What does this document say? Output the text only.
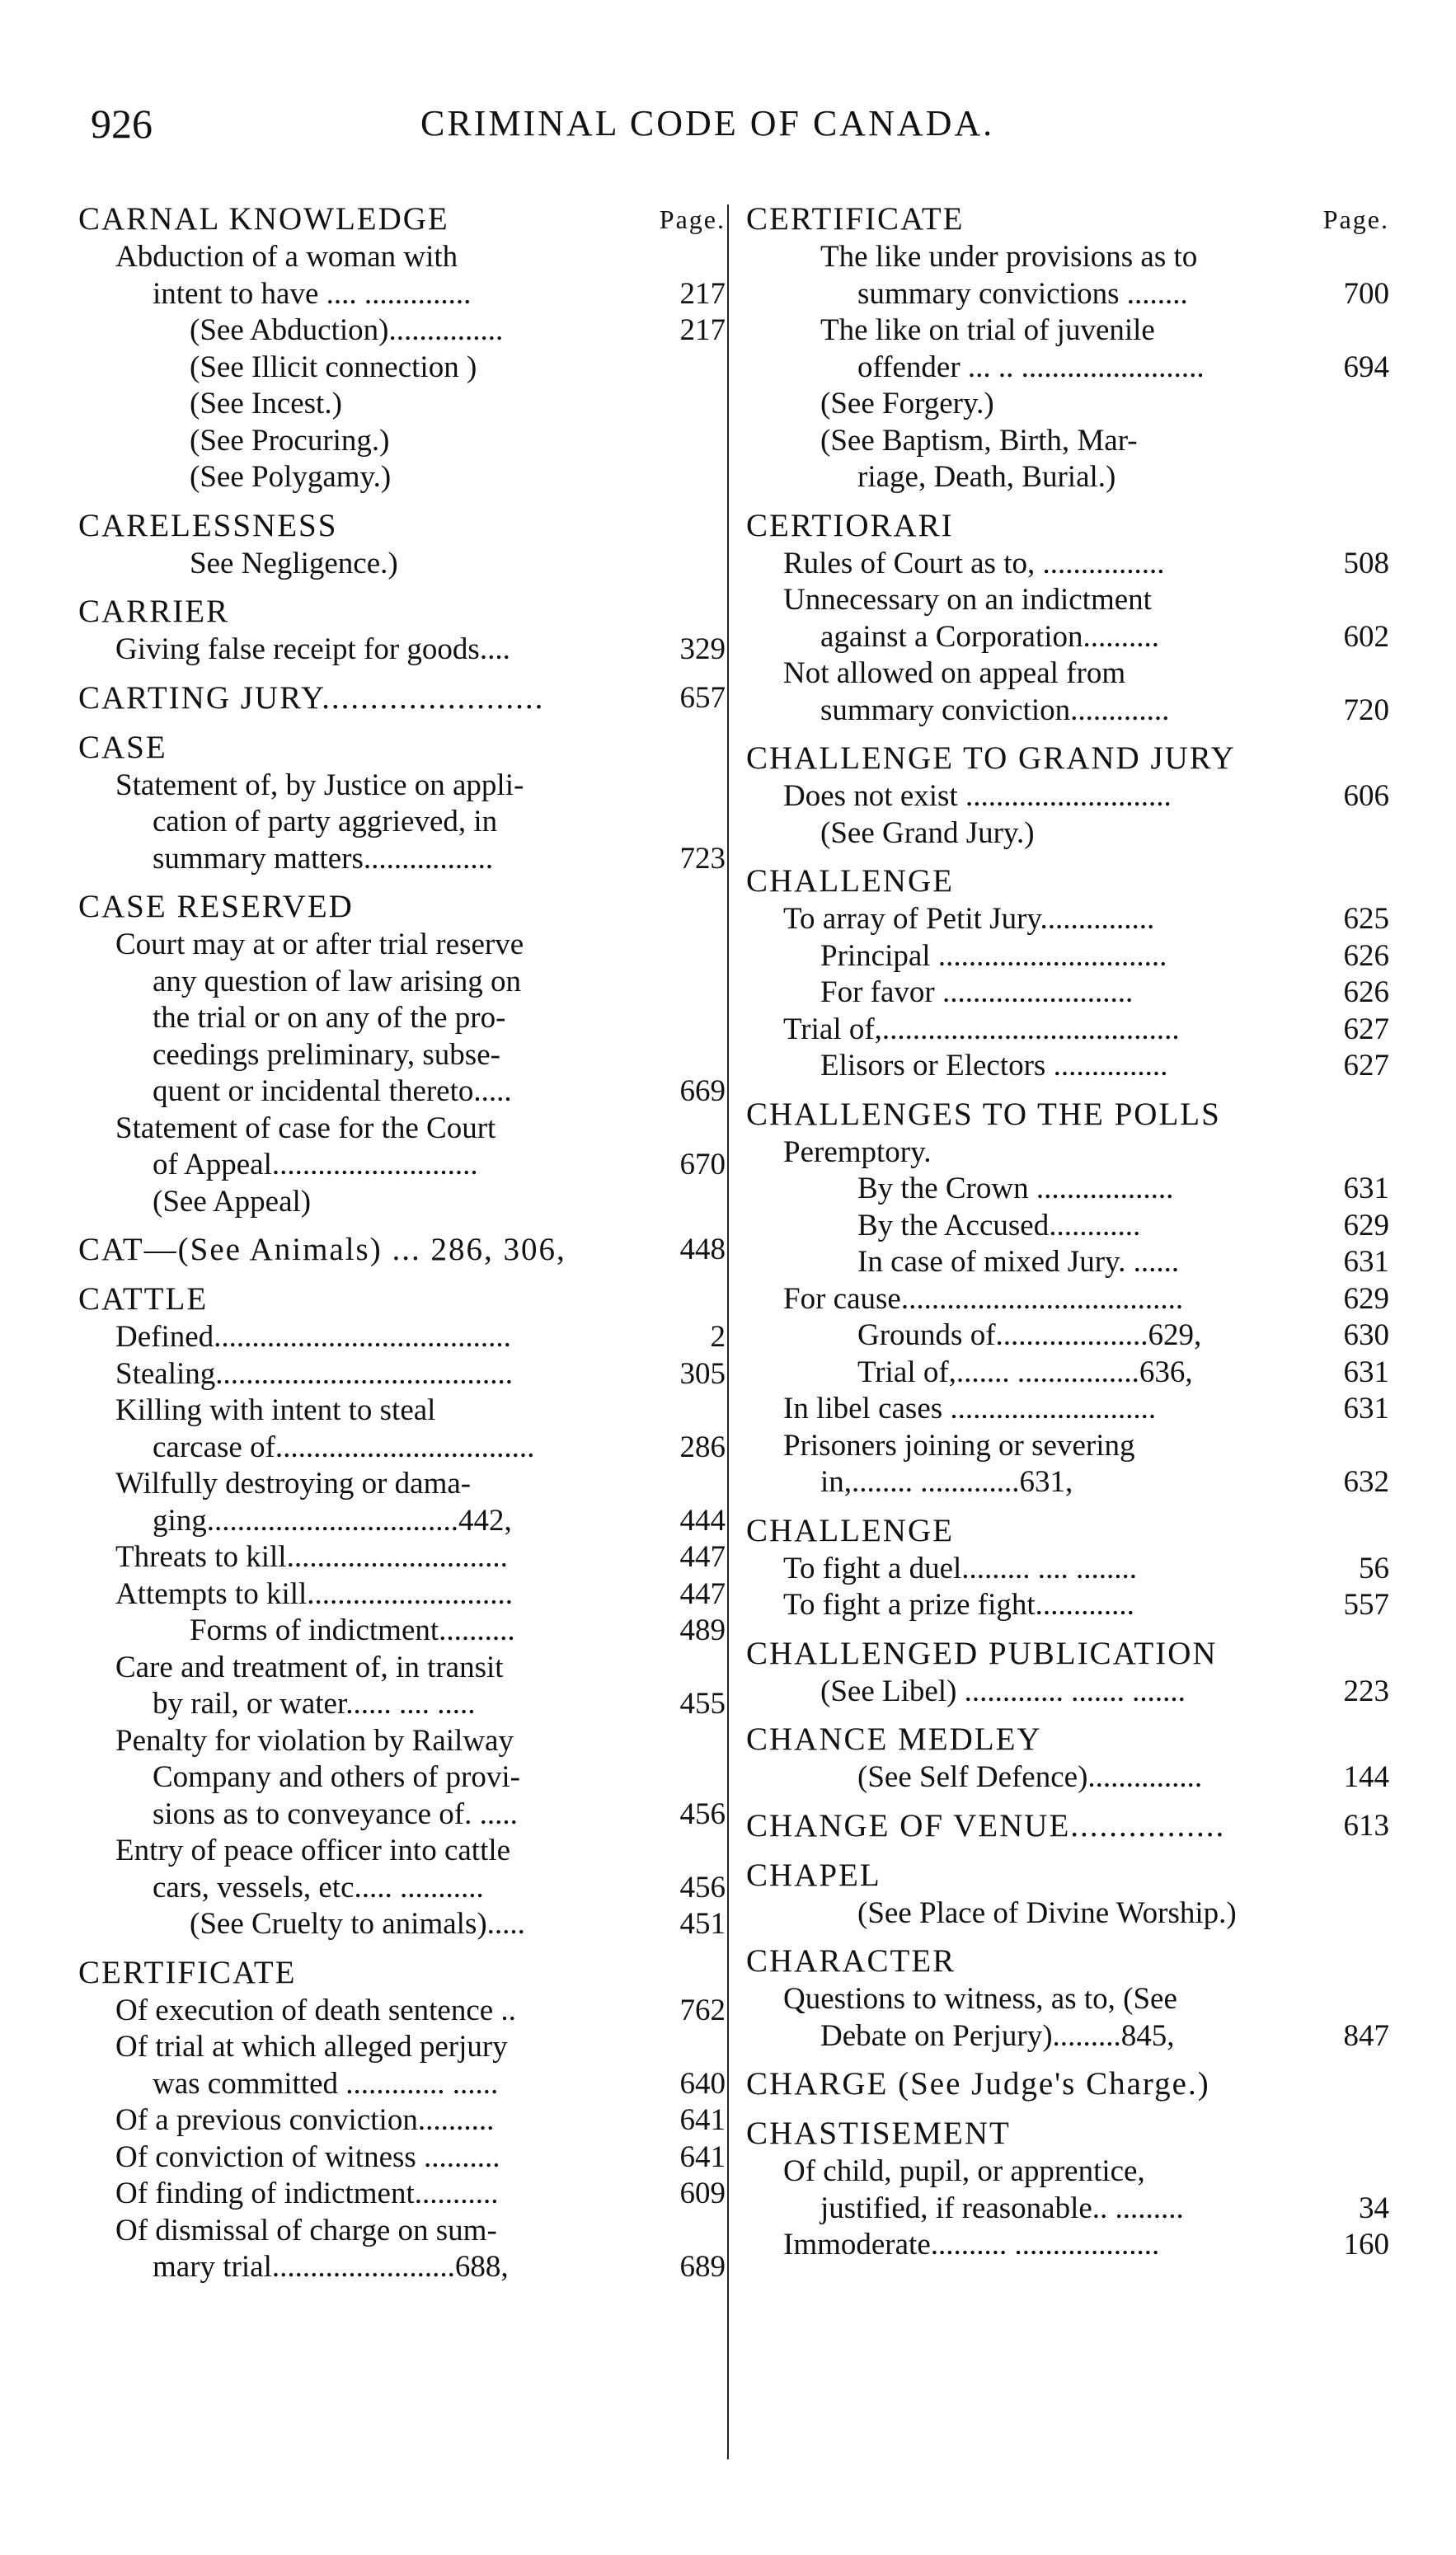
926	CRIMINAL CODE OF CANADA.
CARNAL KNOWLEDGE	Page.
Abduction of a woman with
intent to have .... ..............	217
(See Abduction)...............	217
(See Illicit connection )
(See Incest.)
(See Procuring.)
(See Polygamy.)
CARELESSNESS
See Negligence.)
CARRIER
Giving false receipt for goods....	329
CARTING JURY.......................	657
CASE
Statement of, by Justice on appli-
cation of party aggrieved, in
summary matters.................	723
CASE RESERVED
Court may at or after trial reserve
any question of law arising on
the trial or on any of the pro-
ceedings preliminary, subse-
quent or incidental thereto.....	669
Statement of case for the Court
of Appeal...........................	670
(See Appeal)
CAT—(See Animals) ... 286, 306,	448
CATTLE
Defined.......................................	2
Stealing.......................................	305
Killing with intent to steal
carcase of..................................	286
Wilfully destroying or dama-
ging.................................442,	444
Threats to kill.............................	447
Attempts to kill...........................	447
Forms of indictment..........	489
Care and treatment of, in transit
by rail, or water...... .... .....	455
Penalty for violation by Railway
Company and others of provi-
sions as to conveyance of. .....	456
Entry of peace officer into cattle
cars, vessels, etc..... ...........	456
(See Cruelty to animals).....	451
CERTIFICATE
Of execution of death sentence ..	762
Of trial at which alleged perjury
was committed ............. ......	640
Of a previous conviction..........	641
Of conviction of witness ..........	641
Of finding of indictment...........	609
Of dismissal of charge on sum-
mary trial........................688,	689
CERTIFICATE	Page.
The like under provisions as to
summary convictions ........	700
The like on trial of juvenile
offender ... .. ........................	694
(See Forgery.)
(See Baptism, Birth, Mar-
riage, Death, Burial.)
CERTIORARI
Rules of Court as to, ................	508
Unnecessary on an indictment
against a Corporation..........	602
Not allowed on appeal from
summary conviction.............	720
CHALLENGE TO GRAND JURY
Does not exist ...........................	606
(See Grand Jury.)
CHALLENGE
To array of Petit Jury...............	625
Principal ..............................	626
For favor .........................	626
Trial of,.......................................	627
Elisors or Electors ...............	627
CHALLENGES TO THE POLLS
Peremptory.
By the Crown ..................	631
By the Accused............	629
In case of mixed Jury. ......	631
For cause.....................................	629
Grounds of....................629,	630
Trial of,....... ................636,	631
In libel cases ...........................	631
Prisoners joining or severing
in,........ .............631,	632
CHALLENGE
To fight a duel......... .... ........	56
To fight a prize fight.............	557
CHALLENGED PUBLICATION
(See Libel) ............. ....... .......	223
CHANCE MEDLEY
(See Self Defence)...............	144
CHANGE OF VENUE................	613
CHAPEL
(See Place of Divine Worship.)
CHARACTER
Questions to witness, as to, (See
Debate on Perjury).........845,	847
CHARGE (See Judge's Charge.)
CHASTISEMENT
Of child, pupil, or apprentice,
justified, if reasonable.. .........	34
Immoderate.......... ...................	160
